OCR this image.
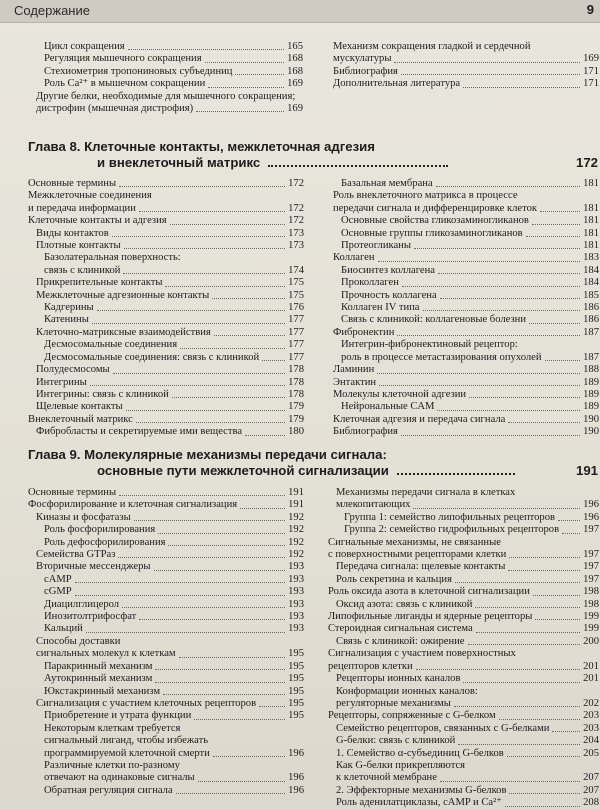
Содержание	9
Цикл сокращения	165
Регуляция мышечного сокращения	168
Стехиометрия тропониновых субъединиц	168
Роль Ca²⁺ в мышечном сокращении	169
Другие белки, необходимые для мышечного сокращения;
дистрофин (мышечная дистрофия)	169
Механизм сокращения гладкой и сердечной
мускулатуры	169
Библиография	171
Дополнительная литература	171
Глава 8. Клеточные контакты, межклеточная адгезия
и внеклеточный матрикс	172
Основные термины	172
Межклеточные соединения
и передача информации	172
Клеточные контакты и адгезия	172
Виды контактов	173
Плотные контакты	173
Базолатеральная поверхность:
связь с клиникой	174
Прикрепительные контакты	175
Межклеточные адгезионные контакты	175
Кадгерины	176
Катенины	177
Клеточно-матриксные взаимодействия	177
Десмосомальные соединения	177
Десмосомальные соединения: связь с клиникой	177
Полудесмосомы	178
Интегрины	178
Интегрины: связь с клиникой	178
Щелевые контакты	179
Внеклеточный матрикс	179
Фибробласты и секретируемые ими вещества	180
Базальная мембрана	181
Роль внеклеточного матрикса в процессе
передачи сигнала и дифференцировке клеток	181
Основные свойства гликозаминогликанов	181
Основные группы гликозаминогликанов	181
Протеогликаны	181
Коллаген	183
Биосинтез коллагена	184
Проколлаген	184
Прочность коллагена	185
Коллаген IV типа	186
Связь с клиникой: коллагеновые болезни	186
Фибронектин	187
Интегрин-фибронектиновый рецептор:
роль в процессе метастазирования опухолей	187
Ламинин	188
Энтактин	189
Молекулы клеточной адгезии	189
Нейрональные CAM	189
Клеточная адгезия и передача сигнала	190
Библиография	190
Глава 9. Молекулярные механизмы передачи сигнала:
основные пути межклеточной сигнализации	191
Основные термины	191
Фосфорилирование и клеточная сигнализация	191
Киназы и фосфатазы	192
Роль фосфорилирования	192
Роль дефосфорилирования	192
Семейства GTPаз	192
Вторичные мессенджеры	193
cAMP	193
cGMP	193
Диацилглицерол	193
Инозитолтрифосфат	193
Кальций	193
Способы доставки
сигнальных молекул к клеткам	195
Паракринный механизм	195
Аутокринный механизм	195
Юкстакринный механизм	195
Сигнализация с участием клеточных рецепторов	195
Приобретение и утрата функции	195
Некоторым клеткам требуется
сигнальный лиганд, чтобы избежать
программируемой клеточной смерти	196
Различные клетки по-разному
отвечают на одинаковые сигналы	196
Обратная регуляция сигнала	196
Механизмы передачи сигнала в клетках
млекопитающих	196
Группа 1: семейство липофильных рецепторов	196
Группа 2: семейство гидрофильных рецепторов 197
Сигнальные механизмы, не связанные
с поверхностными рецепторами клетки	197
Передача сигнала: щелевые контакты	197
Роль секретина и кальция	197
Роль оксида азота в клеточной сигнализации	198
Оксид азота: связь с клиникой	198
Липофильные лиганды и ядерные рецепторы	199
Стероидная сигнальная система	199
Связь с клиникой: ожирение	200
Сигнализация с участием поверхностных
рецепторов клетки	201
Рецепторы ионных каналов	201
Конформации ионных каналов:
регуляторные механизмы	202
Рецепторы, сопряженные с G-белком	203
Семейство рецепторов, связанных с G-белками	203
G-белки: связь с клиникой	204
1. Семейство α-субъединиц G-белков	205
Как G-белки прикрепляются
к клеточной мембране	207
2. Эффекторные механизмы G-белков	207
Роль аденилатциклазы, cAMP и Ca²⁺	208
